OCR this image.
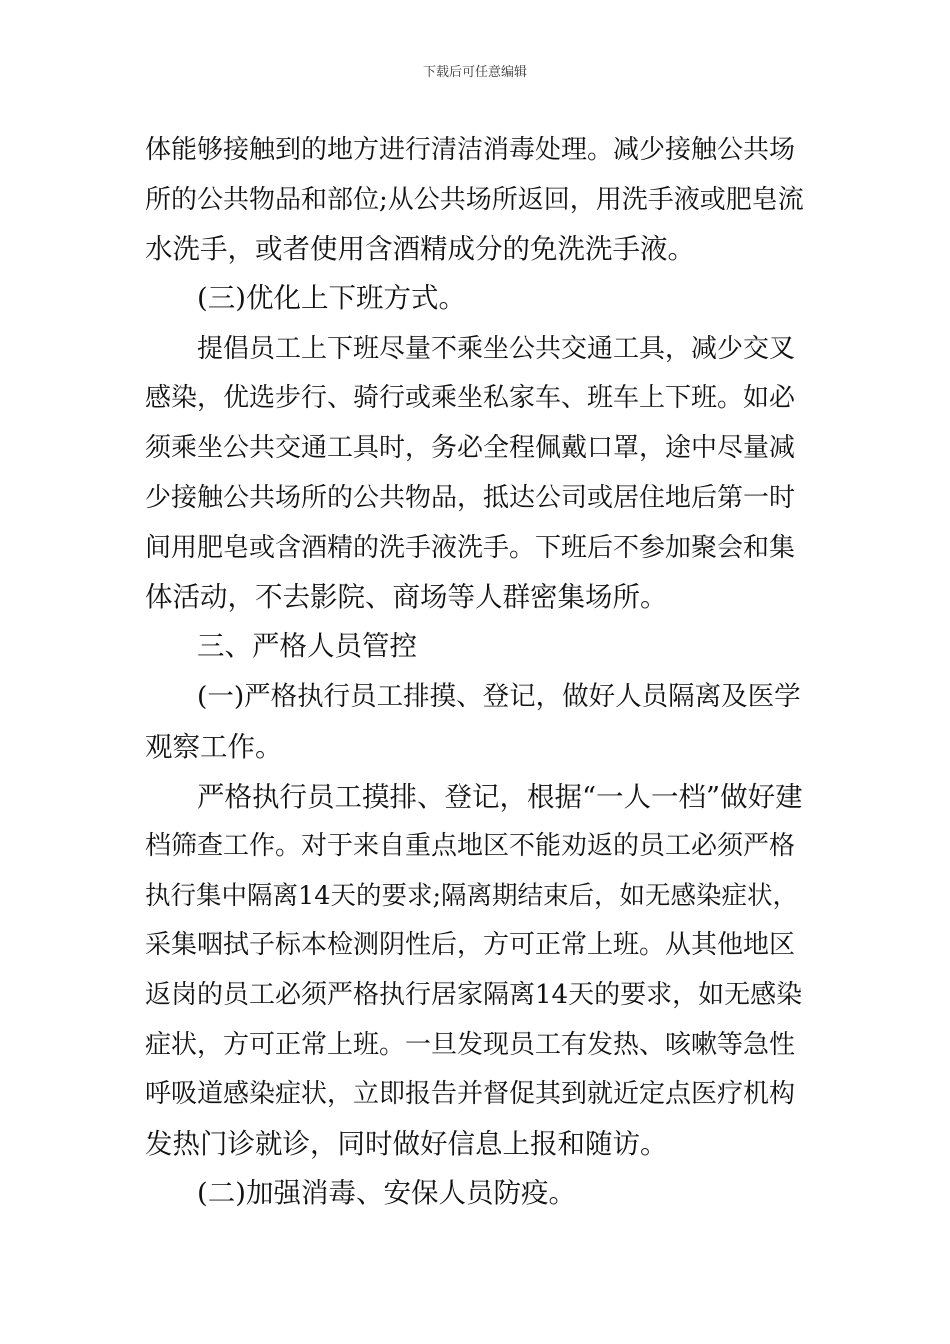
下载后可任意编辑
体能够接触到的地方进行清洁消毒处理。减少接触公共场
所的公共物品和部位;从公共场所返回，用洗手液或肥皂流
水洗手，或者使用含酒精成分的免洗洗手液。
(三)优化上下班方式。
提倡员工上下班尽量不乘坐公共交通工具，减少交叉
感染，优选步行、骑行或乘坐私家车、班车上下班。如必
须乘坐公共交通工具时，务必全程佩戴口罩，途中尽量减
少接触公共场所的公共物品，抵达公司或居住地后第一时
间用肥皂或含酒精的洗手液洗手。下班后不参加聚会和集
体活动，不去影院、商场等人群密集场所。
三、严格人员管控
(一)严格执行员工排摸、登记，做好人员隔离及医学
观察工作。
严格执行员工摸排、登记，根据“一人一档”做好建
档筛查工作。对于来自重点地区不能劝返的员工必须严格
执行集中隔离14天的要求;隔离期结束后，如无感染症状，
采集咽拭子标本检测阴性后，方可正常上班。从其他地区
返岗的员工必须严格执行居家隔离14天的要求，如无感染
症状，方可正常上班。一旦发现员工有发热、咳嗽等急性
呼吸道感染症状，立即报告并督促其到就近定点医疗机构
发热门诊就诊，同时做好信息上报和随访。
(二)加强消毒、安保人员防疫。
